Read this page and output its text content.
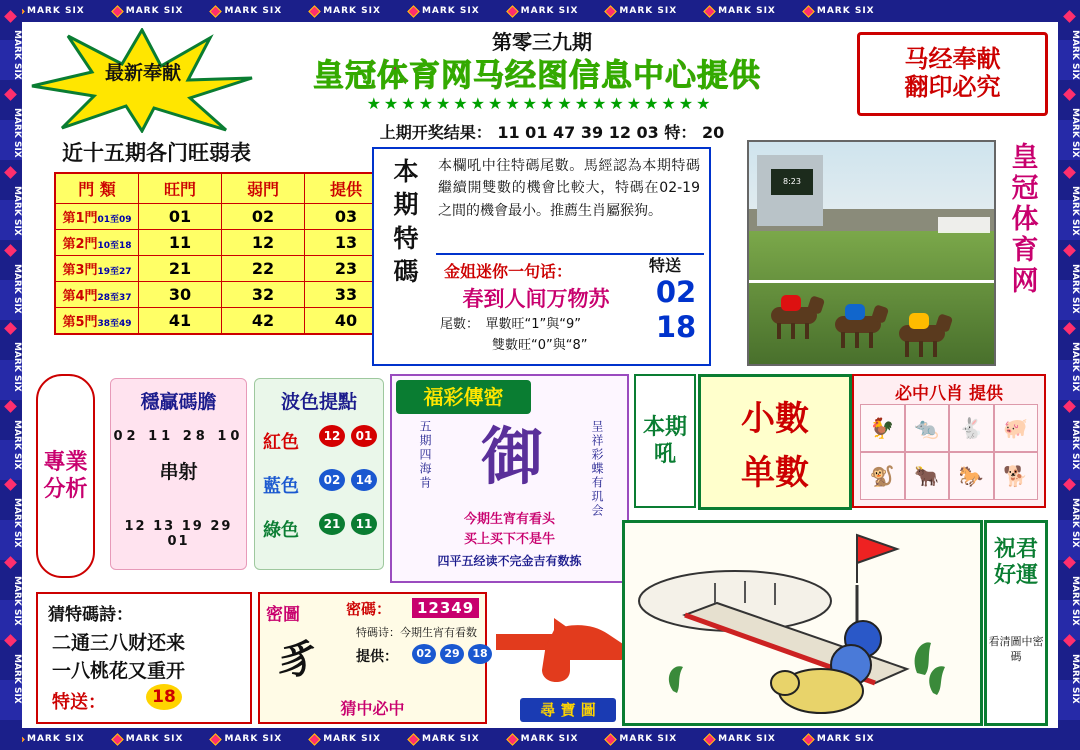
MARK SIX	MARK SIX	MARK SIX	MARK SIX	MARK SIX	MARK SIX	MARK SIX	MARK SIX	MARK SIX
MARK SIX	MARK SIX	MARK SIX	MARK SIX	MARK SIX	MARK SIX	MARK SIX	MARK SIX	MARK SIX
MARK SIX
MARK SIX
MARK SIX
MARK SIX
MARK SIX
MARK SIX
MARK SIX
MARK SIX
MARK SIX
MARK SIX
MARK SIX
MARK SIX
MARK SIX
MARK SIX
MARK SIX
MARK SIX
MARK SIX
MARK SIX
最新奉献
第零三九期
皇冠体育网马经图信息中心提供
★★★★★★★★★★★★★★★★★★★★
上期开奖结果： 11 01 47 39 12 03 特： 20
马经奉献
翻印必究
近十五期各门旺弱表
門 類	旺門	弱門	提供
第1門01至09	01	02	03
第2門10至18	11	12	13
第3門19至27	21	22	23
第4門28至37	30	32	33
第5門38至49	41	42	40
本
期
特
碼
本欄吼中往特碼尾數。馬經認為本期特碼繼續開雙數的機會比較大，特碼在02-19之間的機會最小。推薦生肖屬猴狗。
金姐迷你一句话：
春到人间万物苏
尾數：　單數旺“1”與“9”
　　　　雙數旺“0”與“8”
特送
02
18
8:23
皇冠体育网
專業分析
穩贏碼膽
02 11 28 10
串射
12 13 19 29 01
波色提點
紅色	12	01
藍色	02	14
綠色	21	11
福彩傳密
御	呈祥彩蝶有玑会
五期四海肯
今期生宵有看头
买上买下不是牛
四平五经读不完金吉有数拣
本期吼
小數
单數
必中八肖 提供
🐓 🐀 🐇 🐖
🐒 🐂 🐎 🐕
猜特碼詩：
二通三八财还来
一八桃花又重开
特送：	18
密圖	密碼：	12349
特碼诗：今期生宵有看数
豸	提供：	02	29	18
猜中必中	尋 寶 圖
祝君好運
看清圖中密碼
